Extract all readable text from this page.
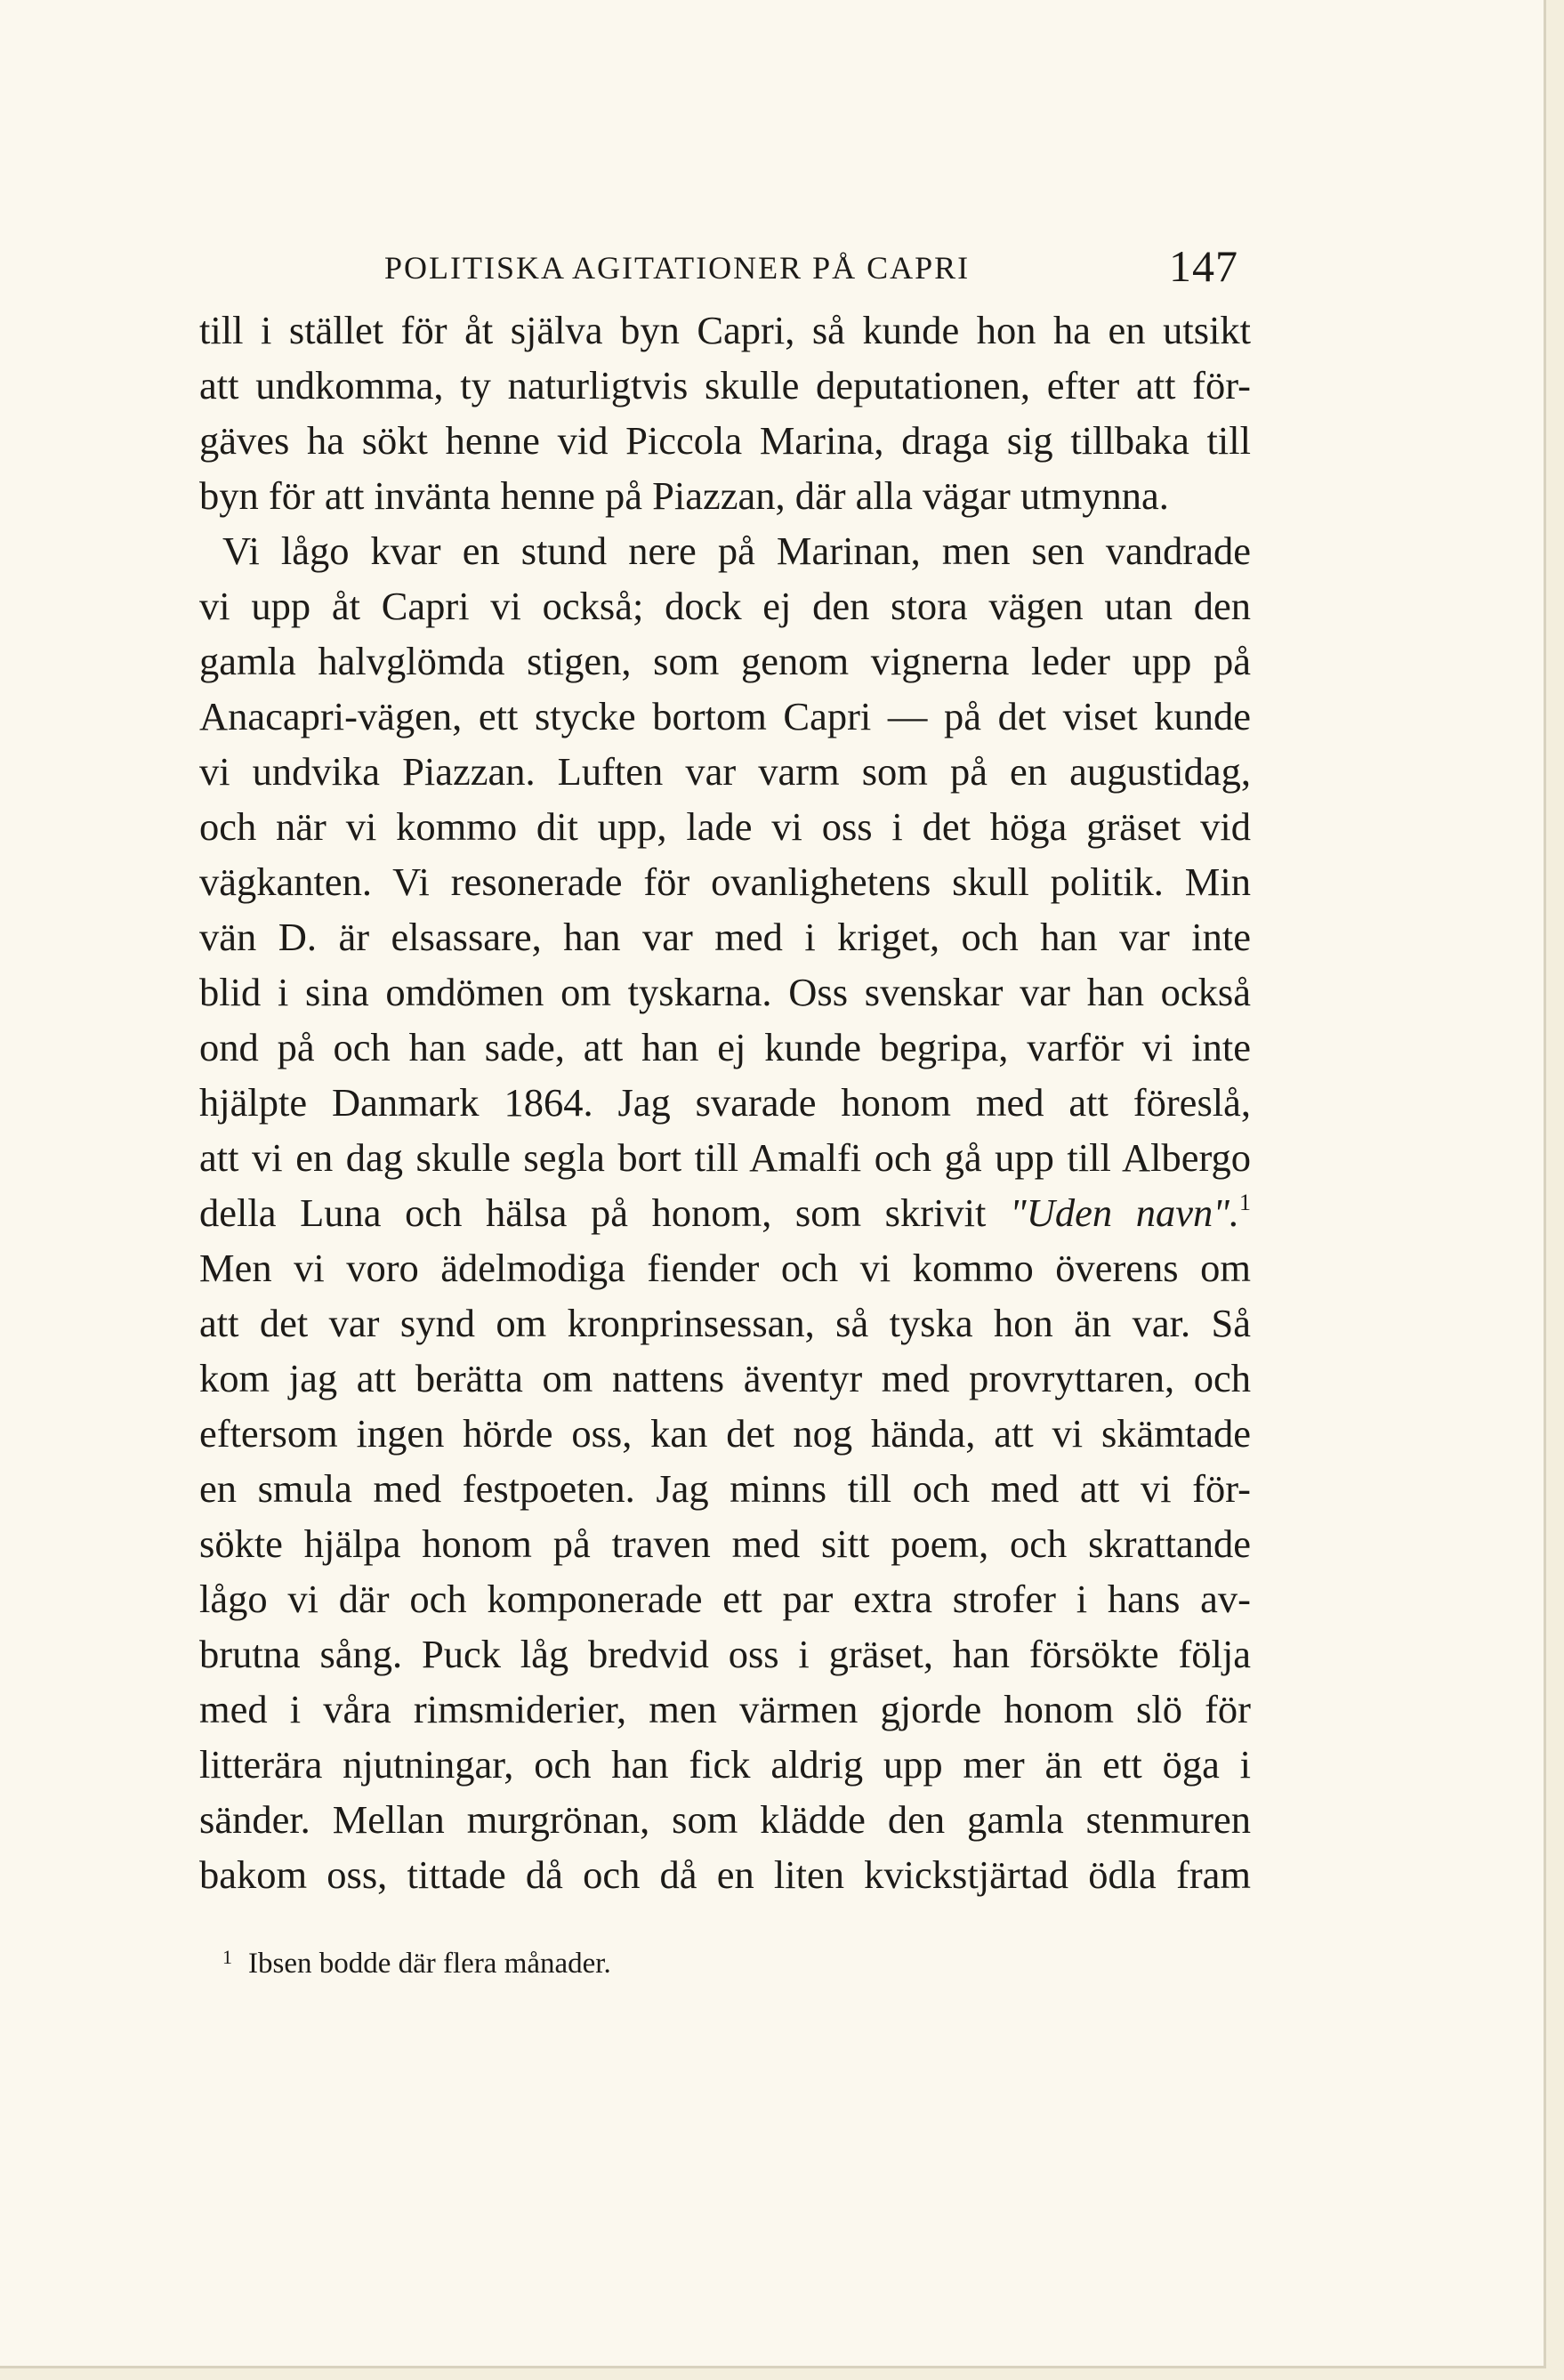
POLITISKA AGITATIONER PÅ CAPRI	147
till i stället för åt själva byn Capri, så kunde hon ha en utsikt
att undkomma, ty naturligtvis skulle deputationen, efter att för-
gäves ha sökt henne vid Piccola Marina, draga sig tillbaka till
byn för att invänta henne på Piazzan, där alla vägar utmynna.
Vi lågo kvar en stund nere på Marinan, men sen vandrade
vi upp åt Capri vi också; dock ej den stora vägen utan den
gamla halvglömda stigen, som genom vignerna leder upp på
Anacapri-vägen, ett stycke bortom Capri — på det viset kunde
vi undvika Piazzan. Luften var varm som på en augustidag,
och när vi kommo dit upp, lade vi oss i det höga gräset vid
vägkanten. Vi resonerade för ovanlighetens skull politik. Min
vän D. är elsassare, han var med i kriget, och han var inte
blid i sina omdömen om tyskarna. Oss svenskar var han också
ond på och han sade, att han ej kunde begripa, varför vi inte
hjälpte Danmark 1864. Jag svarade honom med att föreslå,
att vi en dag skulle segla bort till Amalfi och gå upp till Albergo
della Luna och hälsa på honom, som skrivit "Uden navn".$^1$
Men vi voro ädelmodiga fiender och vi kommo överens om
att det var synd om kronprinsessan, så tyska hon än var. Så
kom jag att berätta om nattens äventyr med provryttaren, och
eftersom ingen hörde oss, kan det nog hända, att vi skämtade
en smula med festpoeten. Jag minns till och med att vi för-
sökte hjälpa honom på traven med sitt poem, och skrattande
lågo vi där och komponerade ett par extra strofer i hans av-
brutna sång. Puck låg bredvid oss i gräset, han försökte följa
med i våra rimsmiderier, men värmen gjorde honom slö för
litterära njutningar, och han fick aldrig upp mer än ett öga i
sänder. Mellan murgrönan, som klädde den gamla stenmuren
bakom oss, tittade då och då en liten kvickstjärtad ödla fram
$^1$ Ibsen bodde där flera månader.
